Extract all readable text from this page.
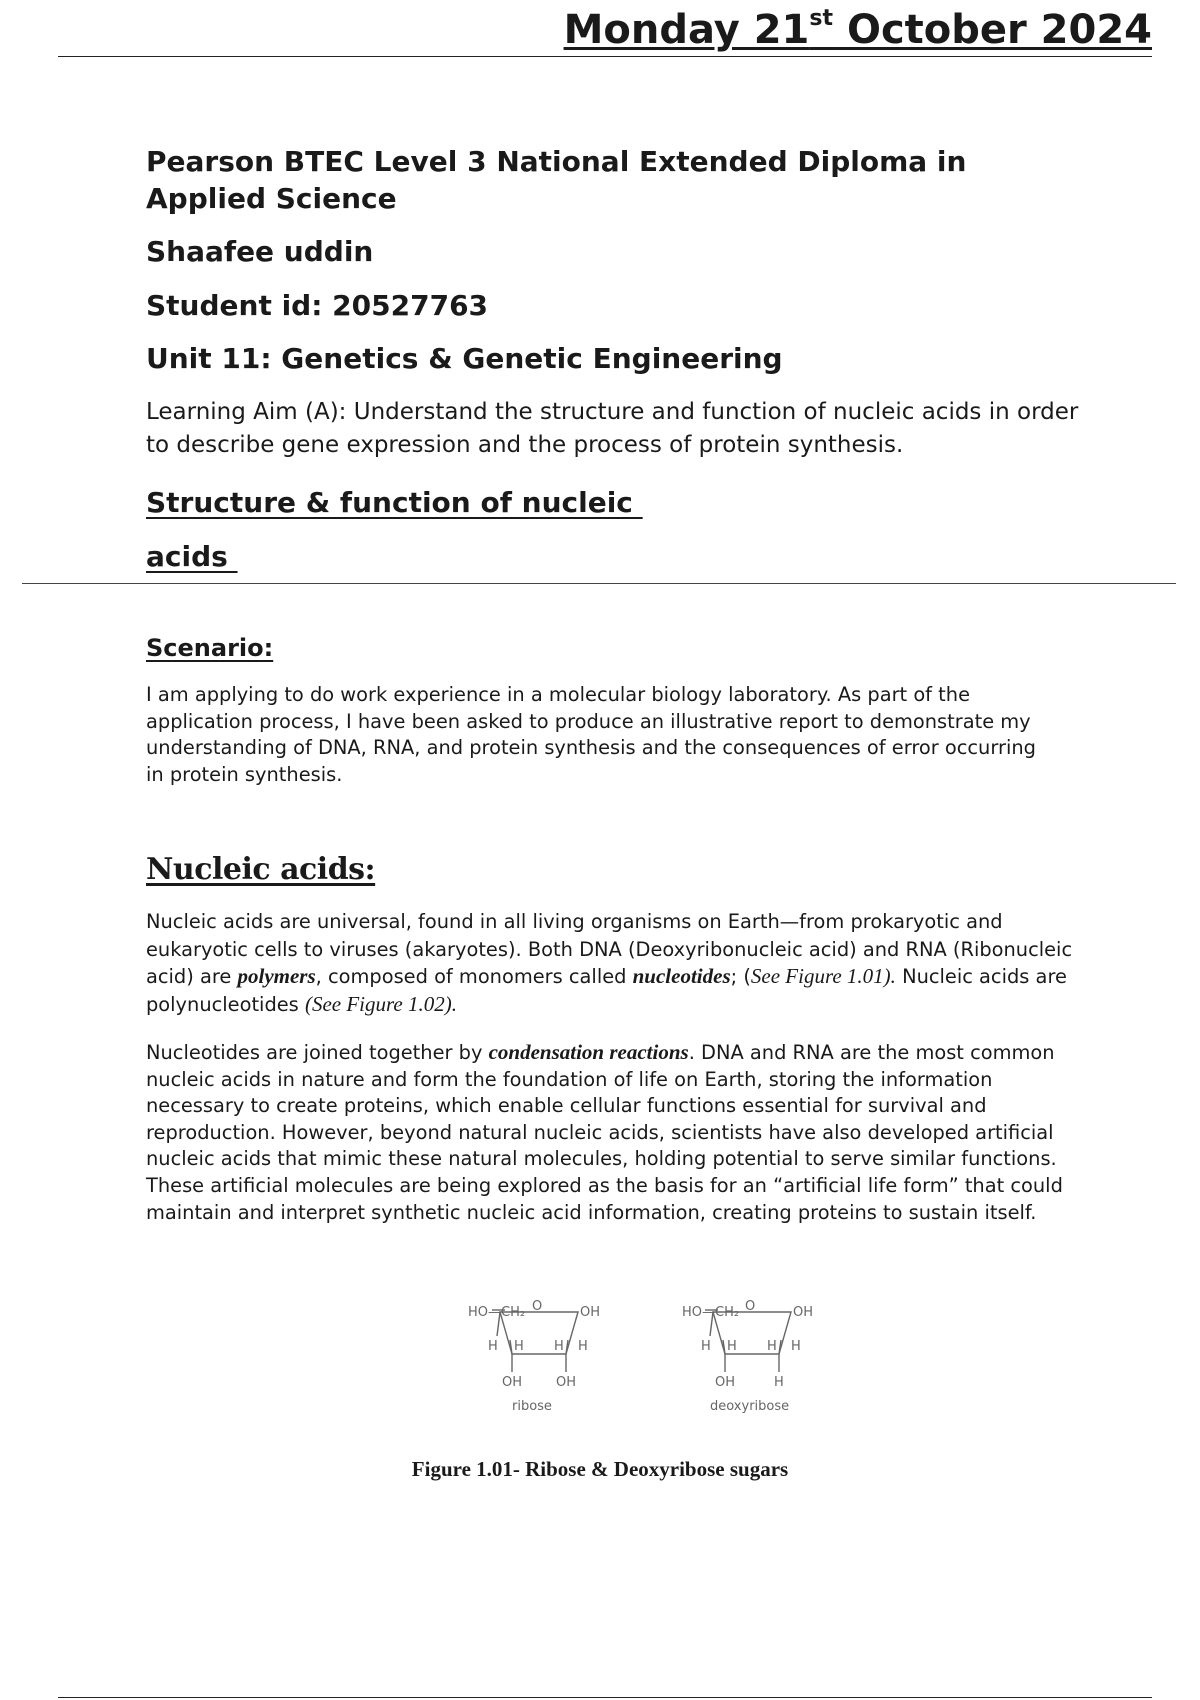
Monday 21st October 2024
Pearson BTEC Level 3 National Extended Diploma in Applied Science
Shaafee uddin
Student id: 20527763
Unit 11: Genetics & Genetic Engineering
Learning Aim (A): Understand the structure and function of nucleic acids in order to describe gene expression and the process of protein synthesis.
Structure & function of nucleic
acids
Scenario:
I am applying to do work experience in a molecular biology laboratory. As part of the application process, I have been asked to produce an illustrative report to demonstrate my understanding of DNA, RNA, and protein synthesis and the consequences of error occurring in protein synthesis.
Nucleic acids:
Nucleic acids are universal, found in all living organisms on Earth—from prokaryotic and eukaryotic cells to viruses (akaryotes). Both DNA (Deoxyribonucleic acid) and RNA (Ribonucleic acid) are polymers, composed of monomers called nucleotides; (See Figure 1.01). Nucleic acids are polynucleotides (See Figure 1.02).
Nucleotides are joined together by condensation reactions. DNA and RNA are the most common nucleic acids in nature and form the foundation of life on Earth, storing the information necessary to create proteins, which enable cellular functions essential for survival and reproduction. However, beyond natural nucleic acids, scientists have also developed artificial nucleic acids that mimic these natural molecules, holding potential to serve similar functions. These artificial molecules are being explored as the basis for an “artificial life form” that could maintain and interpret synthetic nucleic acid information, creating proteins to sustain itself.
HO—CH₂ O	OH
H H H H
OH	OH
ribose
HO—CH₂ O	OH
H H H H
OH	H
deoxyribose
Figure 1.01- Ribose & Deoxyribose sugars
